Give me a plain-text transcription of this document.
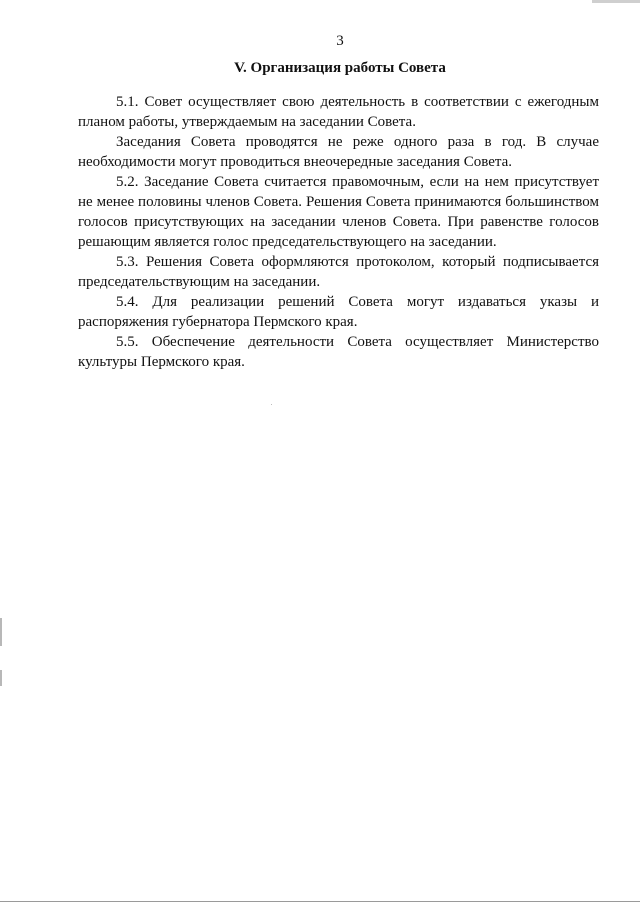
3
V. Организация работы Совета

5.1. Совет осуществляет свою деятельность в соответствии с ежегодным планом работы, утверждаемым на заседании Совета.

Заседания Совета проводятся не реже одного раза в год. В случае необходимости могут проводиться внеочередные заседания Совета.

5.2. Заседание Совета считается правомочным, если на нем присутствует не менее половины членов Совета. Решения Совета принимаются большинством голосов присутствующих на заседании членов Совета. При равенстве голосов решающим является голос председательствующего на заседании.

5.3. Решения Совета оформляются протоколом, который подписывается председательствующим на заседании.

5.4. Для реализации решений Совета могут издаваться указы и распоряжения губернатора Пермского края.

5.5. Обеспечение деятельности Совета осуществляет Министерство культуры Пермского края.
